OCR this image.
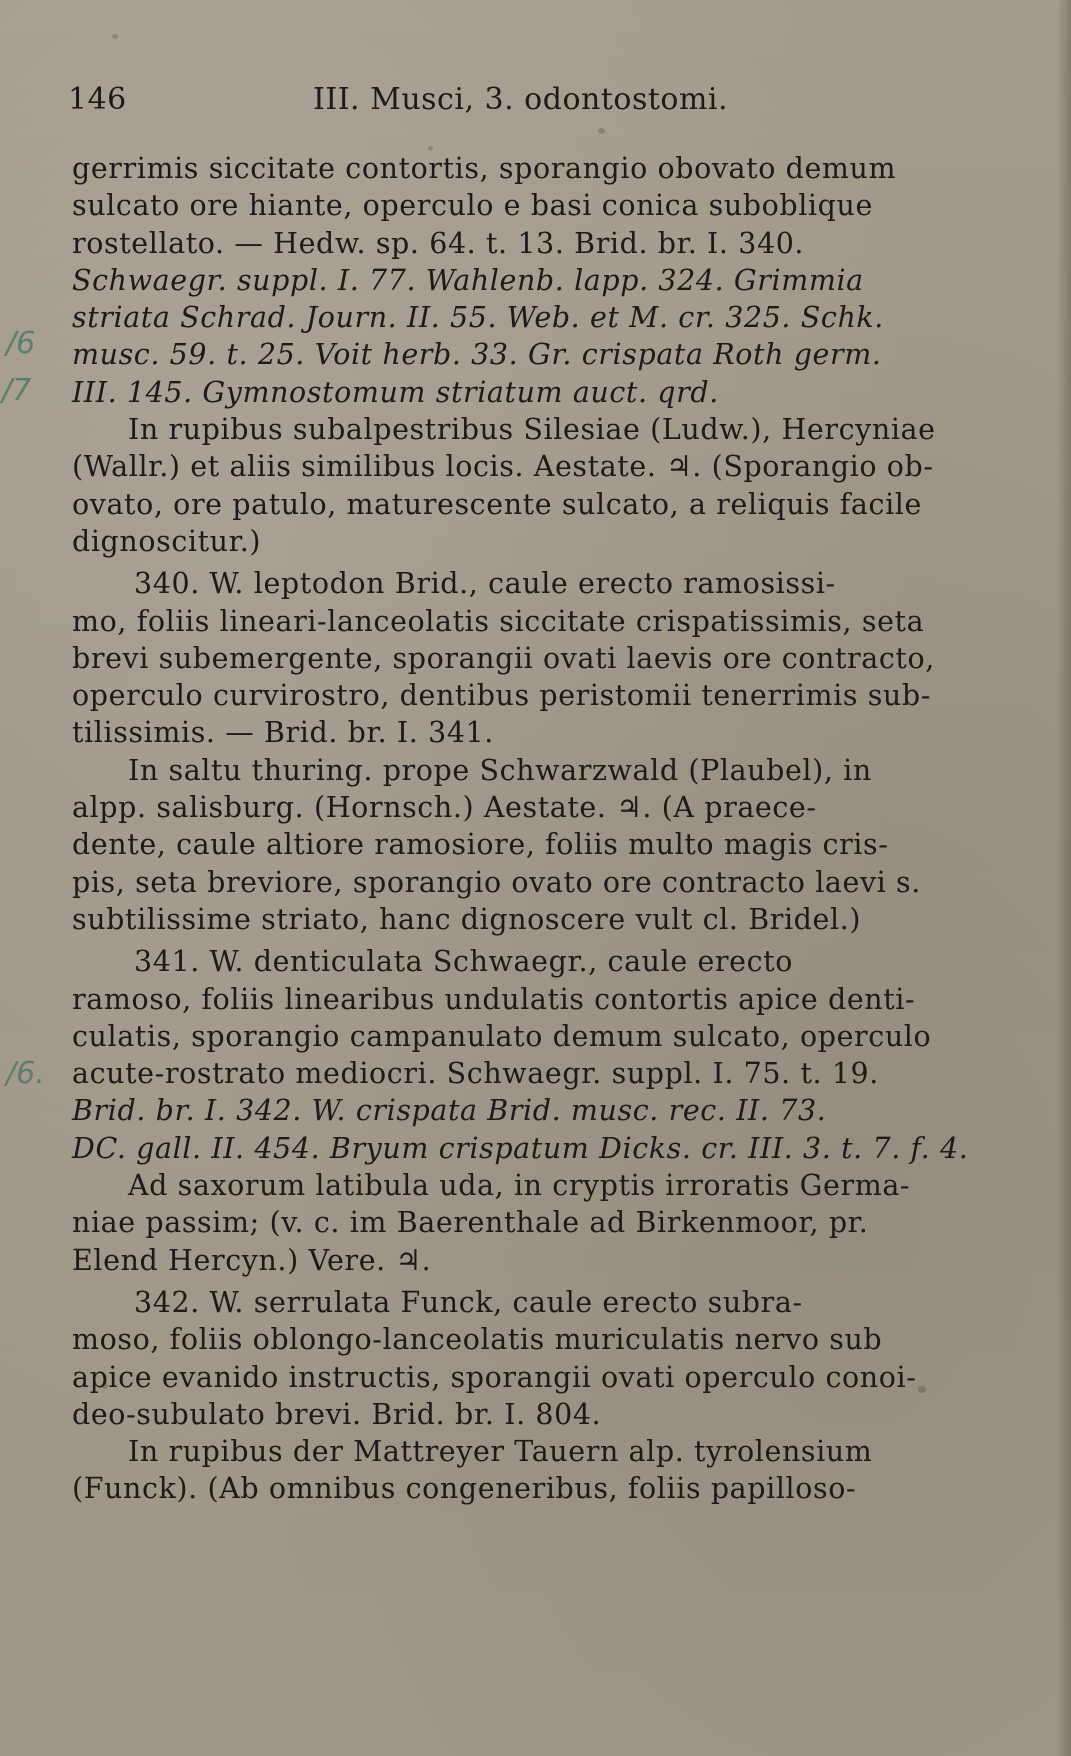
146	III. Musci, 3. odontostomi.
/6
/7
/6.
gerrimis siccitate contortis, sporangio obovato demum
sulcato ore hiante, operculo e basi conica suboblique
rostellato. — Hedw. sp. 64. t. 13. Brid. br. I. 340.
Schwaegr. suppl. I. 77. Wahlenb. lapp. 324. Grimmia
striata Schrad. Journ. II. 55. Web. et M. cr. 325. Schk.
musc. 59. t. 25. Voit herb. 33. Gr. crispata Roth germ.
III. 145. Gymnostomum striatum auct. qrd.
In rupibus subalpestribus Silesiae (Ludw.), Hercyniae
(Wallr.) et aliis similibus locis. Aestate. ♃. (Sporangio ob-
ovato, ore patulo, maturescente sulcato, a reliquis facile
dignoscitur.)
340. W. leptodon Brid., caule erecto ramosissi-
mo, foliis lineari-lanceolatis siccitate crispatissimis, seta
brevi subemergente, sporangii ovati laevis ore contracto,
operculo curvirostro, dentibus peristomii tenerrimis sub-
tilissimis. — Brid. br. I. 341.
In saltu thuring. prope Schwarzwald (Plaubel), in
alpp. salisburg. (Hornsch.) Aestate. ♃. (A praece-
dente, caule altiore ramosiore, foliis multo magis cris-
pis, seta breviore, sporangio ovato ore contracto laevi s.
subtilissime striato, hanc dignoscere vult cl. Bridel.)
341. W. denticulata Schwaegr., caule erecto
ramoso, foliis linearibus undulatis contortis apice denti-
culatis, sporangio campanulato demum sulcato, operculo
acute-rostrato mediocri. Schwaegr. suppl. I. 75. t. 19.
Brid. br. I. 342. W. crispata Brid. musc. rec. II. 73.
DC. gall. II. 454. Bryum crispatum Dicks. cr. III. 3. t. 7. f. 4.
Ad saxorum latibula uda, in cryptis irroratis Germa-
niae passim; (v. c. im Baerenthale ad Birkenmoor, pr.
Elend Hercyn.) Vere. ♃.
342. W. serrulata Funck, caule erecto subra-
moso, foliis oblongo-lanceolatis muriculatis nervo sub
apice evanido instructis, sporangii ovati operculo conoi-
deo-subulato brevi. Brid. br. I. 804.
In rupibus der Mattreyer Tauern alp. tyrolensium
(Funck). (Ab omnibus congeneribus, foliis papilloso-
